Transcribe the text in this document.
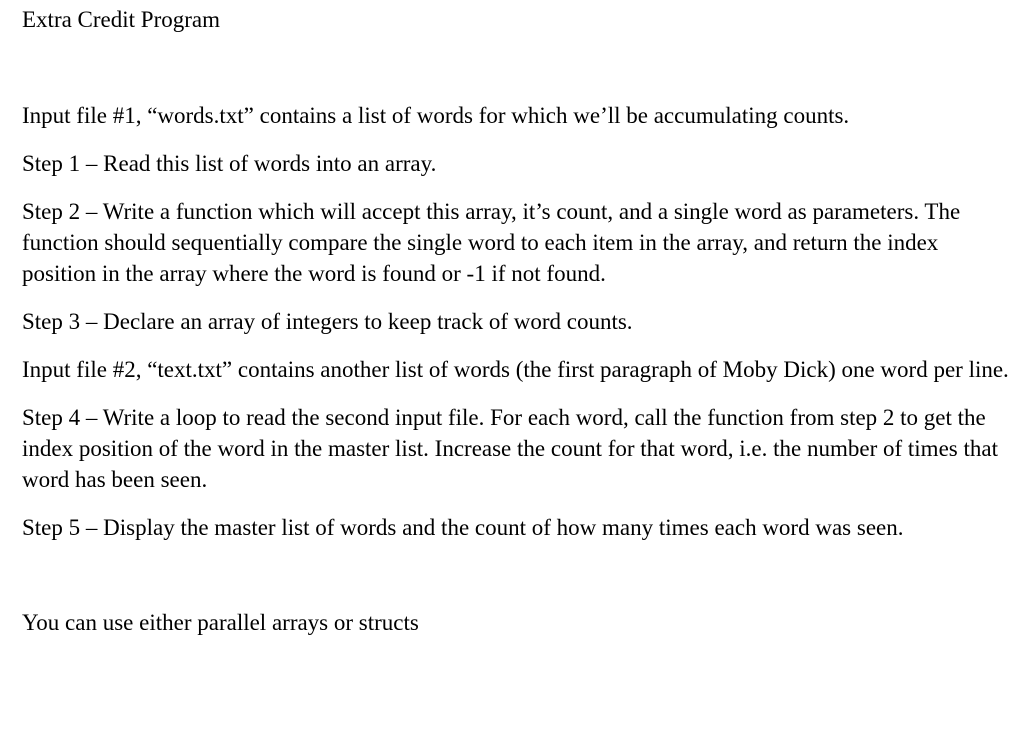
Extra Credit Program

Input file #1, “words.txt” contains a list of words for which we’ll be accumulating counts.

Step 1 – Read this list of words into an array.

Step 2 – Write a function which will accept this array, it’s count, and a single word as parameters. The function should sequentially compare the single word to each item in the array, and return the index position in the array where the word is found or -1 if not found.

Step 3 – Declare an array of integers to keep track of word counts.

Input file #2, “text.txt” contains another list of words (the first paragraph of Moby Dick) one word per line.

Step 4 – Write a loop to read the second input file. For each word, call the function from step 2 to get the index position of the word in the master list. Increase the count for that word, i.e. the number of times that word has been seen.

Step 5 – Display the master list of words and the count of how many times each word was seen.

You can use either parallel arrays or structs
